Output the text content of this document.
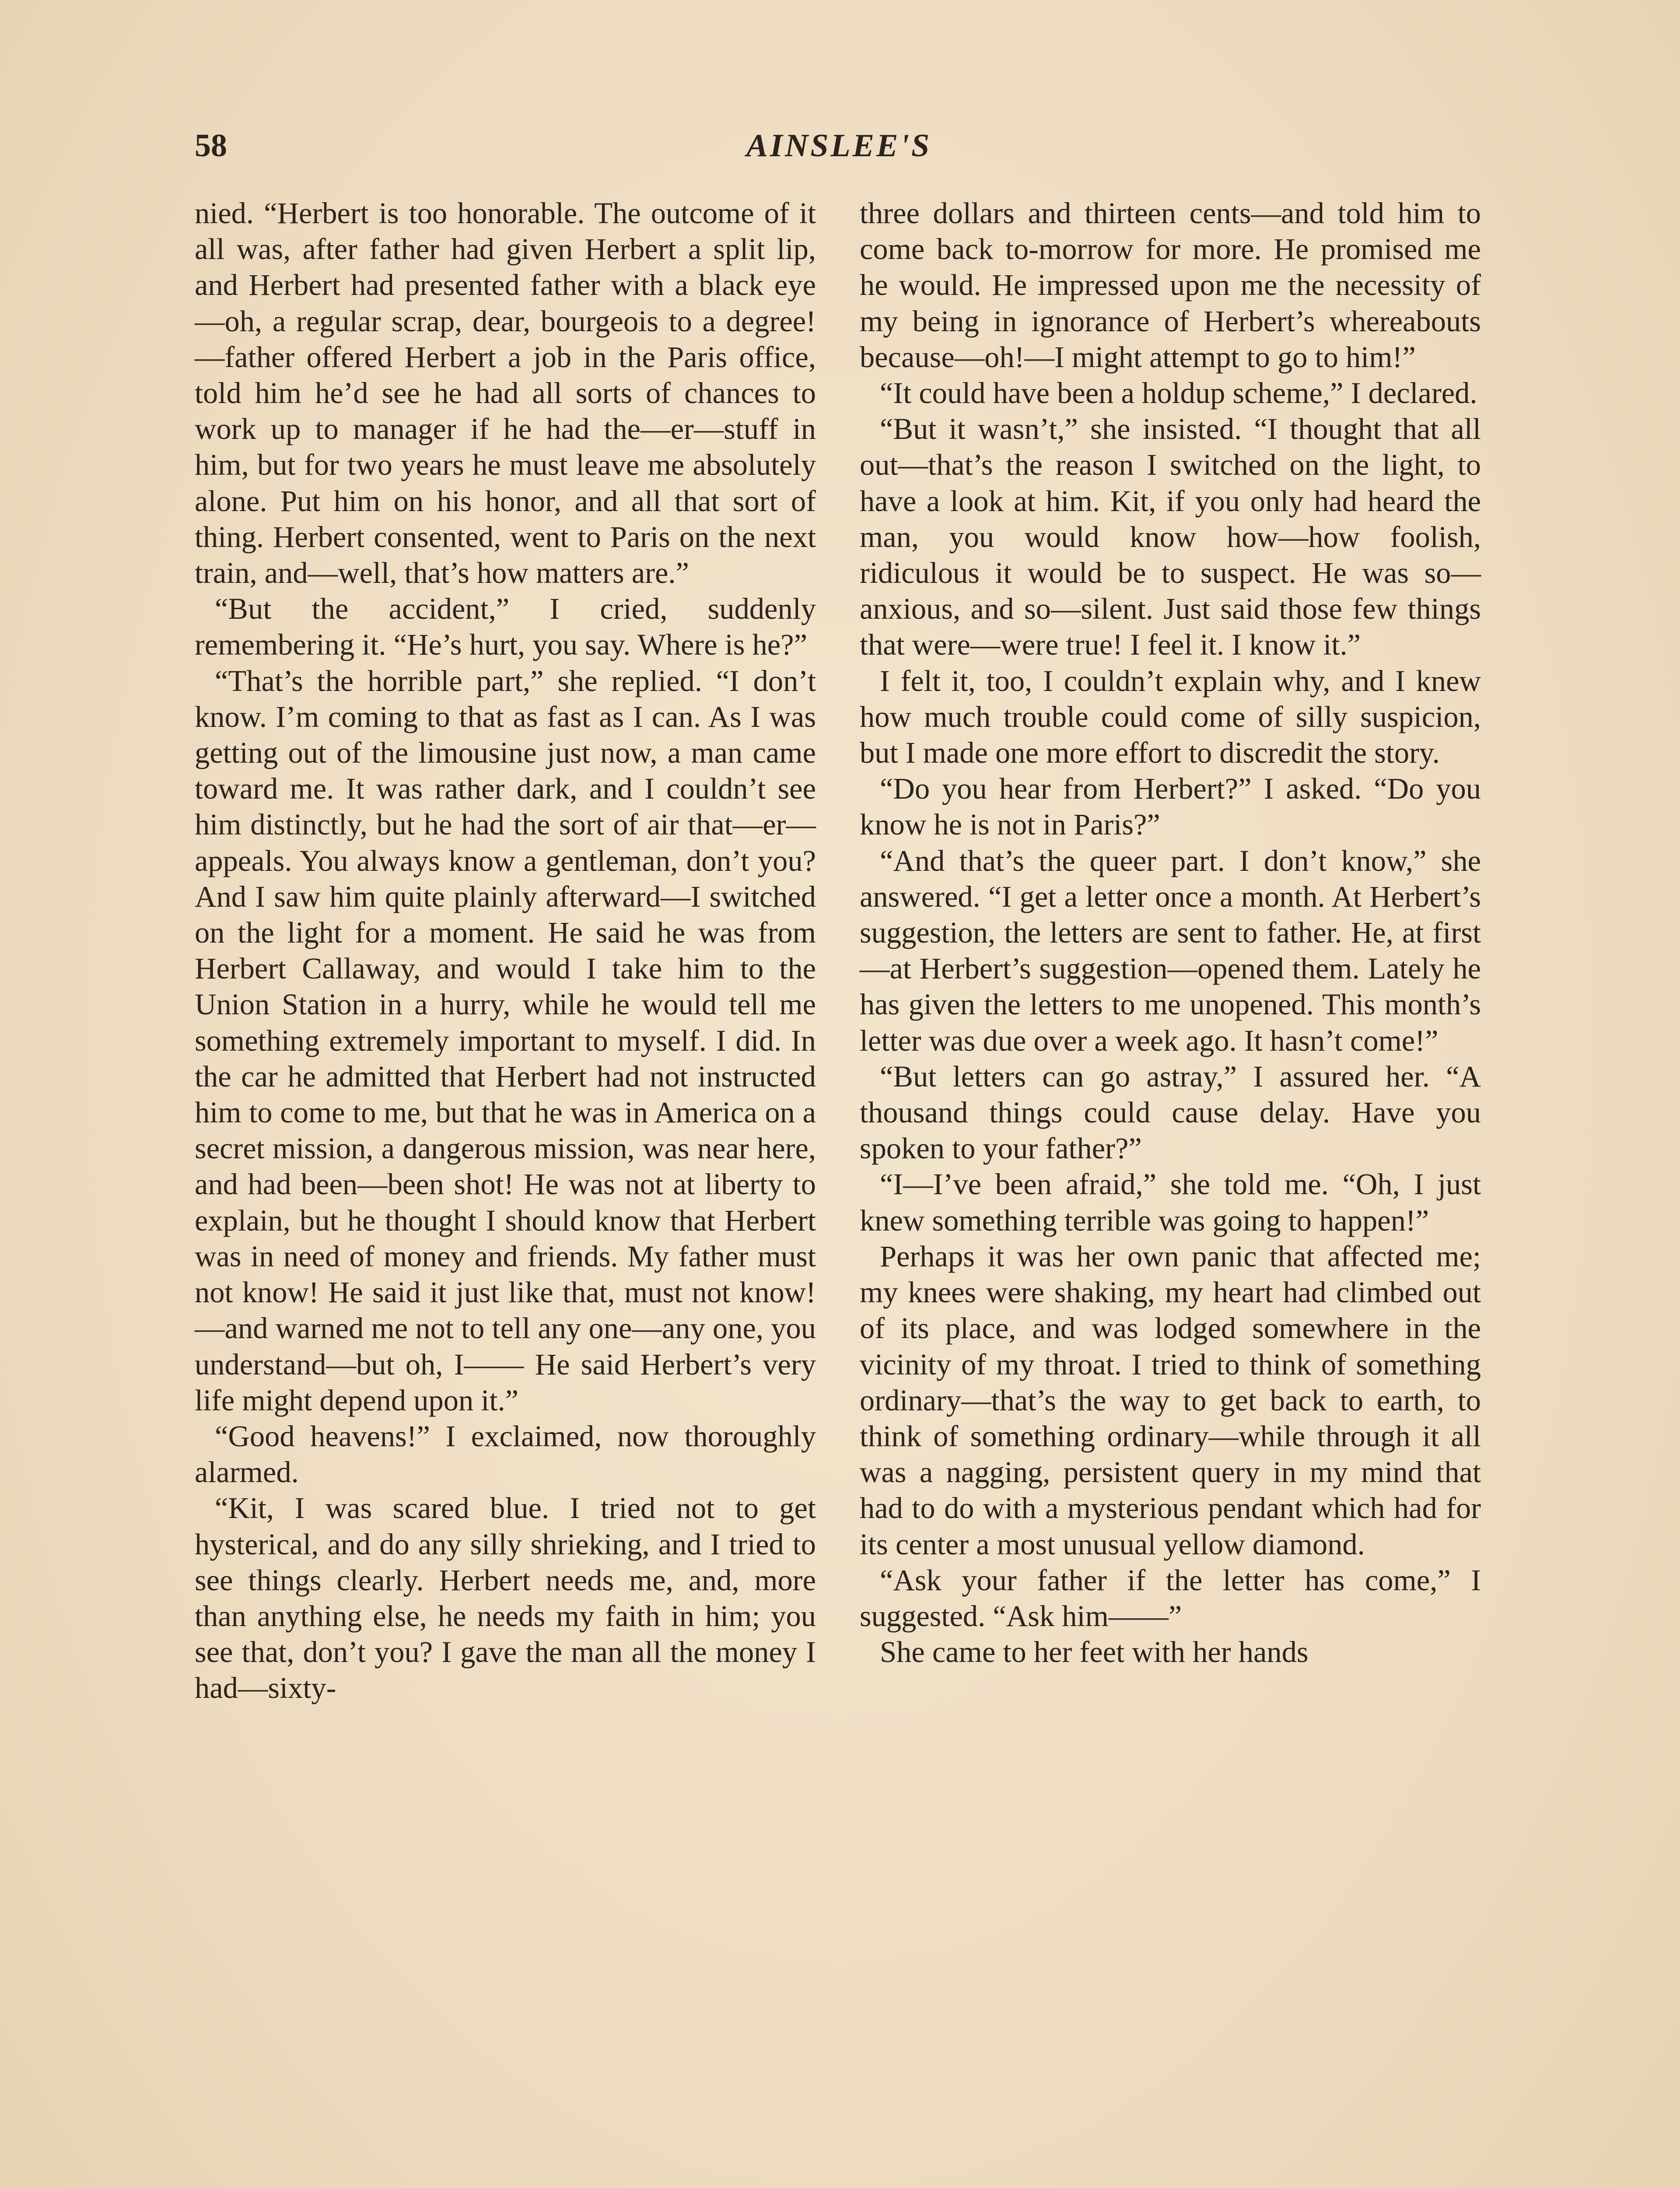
58	AINSLEE'S

nied. “Herbert is too honorable. The outcome of it all was, after father had given Herbert a split lip, and Herbert had presented father with a black eye —oh, a regular scrap, dear, bourgeois to a degree!—father offered Herbert a job in the Paris office, told him he’d see he had all sorts of chances to work up to manager if he had the—er—stuff in him, but for two years he must leave me absolutely alone. Put him on his honor, and all that sort of thing. Herbert consented, went to Paris on the next train, and—well, that’s how matters are.”

“But the accident,” I cried, suddenly remembering it. “He’s hurt, you say. Where is he?”

“That’s the horrible part,” she replied. “I don’t know. I’m coming to that as fast as I can. As I was getting out of the limousine just now, a man came toward me. It was rather dark, and I couldn’t see him distinctly, but he had the sort of air that—er—appeals. You always know a gentleman, don’t you? And I saw him quite plainly afterward—I switched on the light for a moment. He said he was from Herbert Callaway, and would I take him to the Union Station in a hurry, while he would tell me something extremely important to myself. I did. In the car he admitted that Herbert had not instructed him to come to me, but that he was in America on a secret mission, a dangerous mission, was near here, and had been—been shot! He was not at liberty to explain, but he thought I should know that Herbert was in need of money and friends. My father must not know! He said it just like that, must not know!—and warned me not to tell any one—any one, you understand—but oh, I—— He said Herbert’s very life might depend upon it.”

“Good heavens!” I exclaimed, now thoroughly alarmed.

“Kit, I was scared blue. I tried not to get hysterical, and do any silly shrieking, and I tried to see things clearly. Herbert needs me, and, more than anything else, he needs my faith in him; you see that, don’t you? I gave the man all the money I had—sixty-

three dollars and thirteen cents—and told him to come back to-morrow for more. He promised me he would. He impressed upon me the necessity of my being in ignorance of Herbert’s whereabouts because—oh!—I might attempt to go to him!”

“It could have been a holdup scheme,” I declared.

“But it wasn’t,” she insisted. “I thought that all out—that’s the reason I switched on the light, to have a look at him. Kit, if you only had heard the man, you would know how—how foolish, ridiculous it would be to suspect. He was so—anxious, and so—silent. Just said those few things that were—were true! I feel it. I know it.”

I felt it, too, I couldn’t explain why, and I knew how much trouble could come of silly suspicion, but I made one more effort to discredit the story.

“Do you hear from Herbert?” I asked. “Do you know he is not in Paris?”

“And that’s the queer part. I don’t know,” she answered. “I get a letter once a month. At Herbert’s suggestion, the letters are sent to father. He, at first—at Herbert’s suggestion—opened them. Lately he has given the letters to me unopened. This month’s letter was due over a week ago. It hasn’t come!”

“But letters can go astray,” I assured her. “A thousand things could cause delay. Have you spoken to your father?”

“I—I’ve been afraid,” she told me. “Oh, I just knew something terrible was going to happen!”

Perhaps it was her own panic that affected me; my knees were shaking, my heart had climbed out of its place, and was lodged somewhere in the vicinity of my throat. I tried to think of something ordinary—that’s the way to get back to earth, to think of something ordinary—while through it all was a nagging, persistent query in my mind that had to do with a mysterious pendant which had for its center a most unusual yellow diamond.

“Ask your father if the letter has come,” I suggested. “Ask him——”

She came to her feet with her hands
